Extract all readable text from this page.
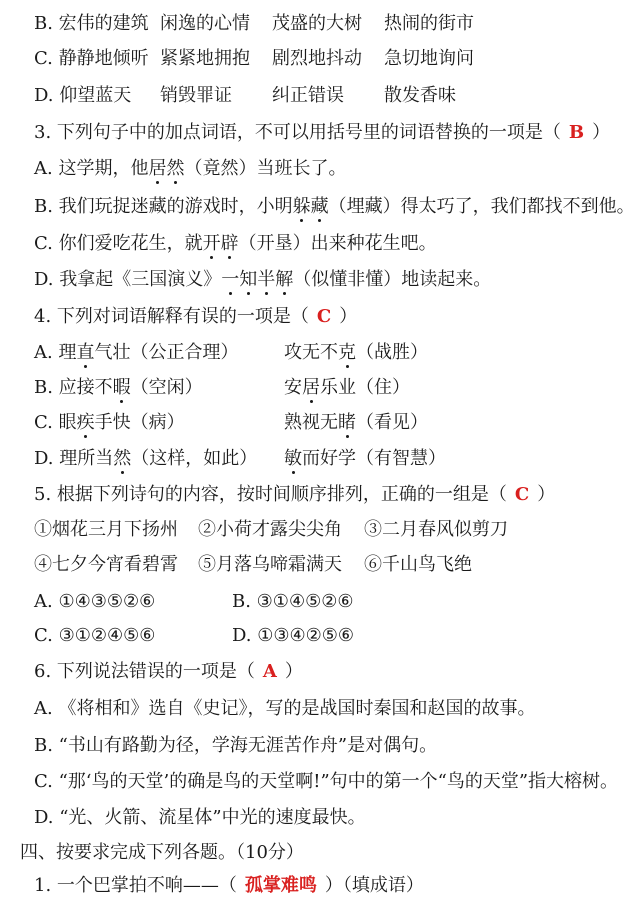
B. 宏伟的建筑 闲逸的心情 茂盛的大树 热闹的街市
C. 静静地倾听 紧紧地拥抱 剧烈地抖动 急切地询问
D. 仰望蓝天 销毁罪证 纠正错误 散发香味
3. 下列句子中的加点词语，不可以用括号里的词语替换的一项是（ B ）
A. 这学期，他居然（竟然）当班长了。
B. 我们玩捉迷藏的游戏时，小明躲藏（埋藏）得太巧了，我们都找不到他。
C. 你们爱吃花生，就开辟（开垦）出来种花生吧。
D. 我拿起《三国演义》一知半解（似懂非懂）地读起来。
4. 下列对词语解释有误的一项是（ C ）
A. 理直气壮（公正合理）	攻无不克（战胜）
B. 应接不暇（空闲）	安居乐业（住）
C. 眼疾手快（病）	熟视无睹（看见）
D. 理所当然（这样，如此） 敏而好学（有智慧）
5. 根据下列诗句的内容，按时间顺序排列，正确的一组是（ C ）
①烟花三月下扬州 ②小荷才露尖尖角 ③二月春风似剪刀
④七夕今宵看碧霄 ⑤月落乌啼霜满天 ⑥千山鸟飞绝
A. ①④③⑤②⑥	B. ③①④⑤②⑥
C. ③①②④⑤⑥	D. ①③④②⑤⑥
6. 下列说法错误的一项是（ A ）
A. 《将相和》选自《史记》，写的是战国时秦国和赵国的故事。
B. “书山有路勤为径，学海无涯苦作舟”是对偶句。
C. “那‘鸟的天堂’的确是鸟的天堂啊!”句中的第一个“鸟的天堂”指大榕树。
D. “光、火箭、流星体”中光的速度最快。
四、按要求完成下列各题。（10分）
1. 一个巴掌拍不响——（ 孤掌难鸣 ）（填成语）
